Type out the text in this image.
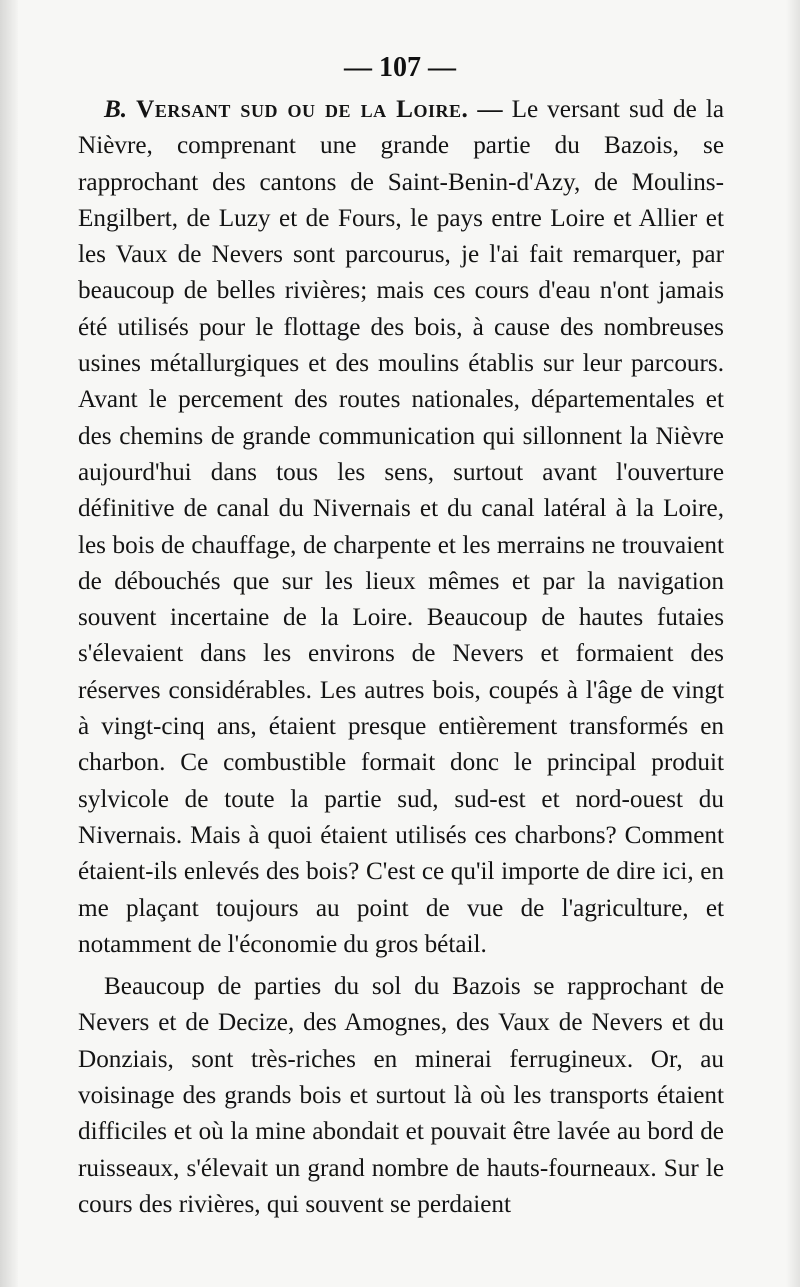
— 107 —

B. Versant sud ou de la Loire. — Le versant sud de la Nièvre, comprenant une grande partie du Bazois, se rapprochant des cantons de Saint-Benin-d'Azy, de Moulins-Engilbert, de Luzy et de Fours, le pays entre Loire et Allier et les Vaux de Nevers sont parcourus, je l'ai fait remarquer, par beaucoup de belles rivières; mais ces cours d'eau n'ont jamais été utilisés pour le flottage des bois, à cause des nombreuses usines métallurgiques et des moulins établis sur leur parcours. Avant le percement des routes nationales, départementales et des chemins de grande communication qui sillonnent la Nièvre aujourd'hui dans tous les sens, surtout avant l'ouverture définitive de canal du Nivernais et du canal latéral à la Loire, les bois de chauffage, de charpente et les merrains ne trouvaient de débouchés que sur les lieux mêmes et par la navigation souvent incertaine de la Loire. Beaucoup de hautes futaies s'élevaient dans les environs de Nevers et formaient des réserves considérables. Les autres bois, coupés à l'âge de vingt à vingt-cinq ans, étaient presque entièrement transformés en charbon. Ce combustible formait donc le principal produit sylvicole de toute la partie sud, sud-est et nord-ouest du Nivernais. Mais à quoi étaient utilisés ces charbons? Comment étaient-ils enlevés des bois? C'est ce qu'il importe de dire ici, en me plaçant toujours au point de vue de l'agriculture, et notamment de l'économie du gros bétail.

Beaucoup de parties du sol du Bazois se rapprochant de Nevers et de Decize, des Amognes, des Vaux de Nevers et du Donziais, sont très-riches en minerai ferrugineux. Or, au voisinage des grands bois et surtout là où les transports étaient difficiles et où la mine abondait et pouvait être lavée au bord de ruisseaux, s'élevait un grand nombre de hauts-fourneaux. Sur le cours des rivières, qui souvent se perdaient
